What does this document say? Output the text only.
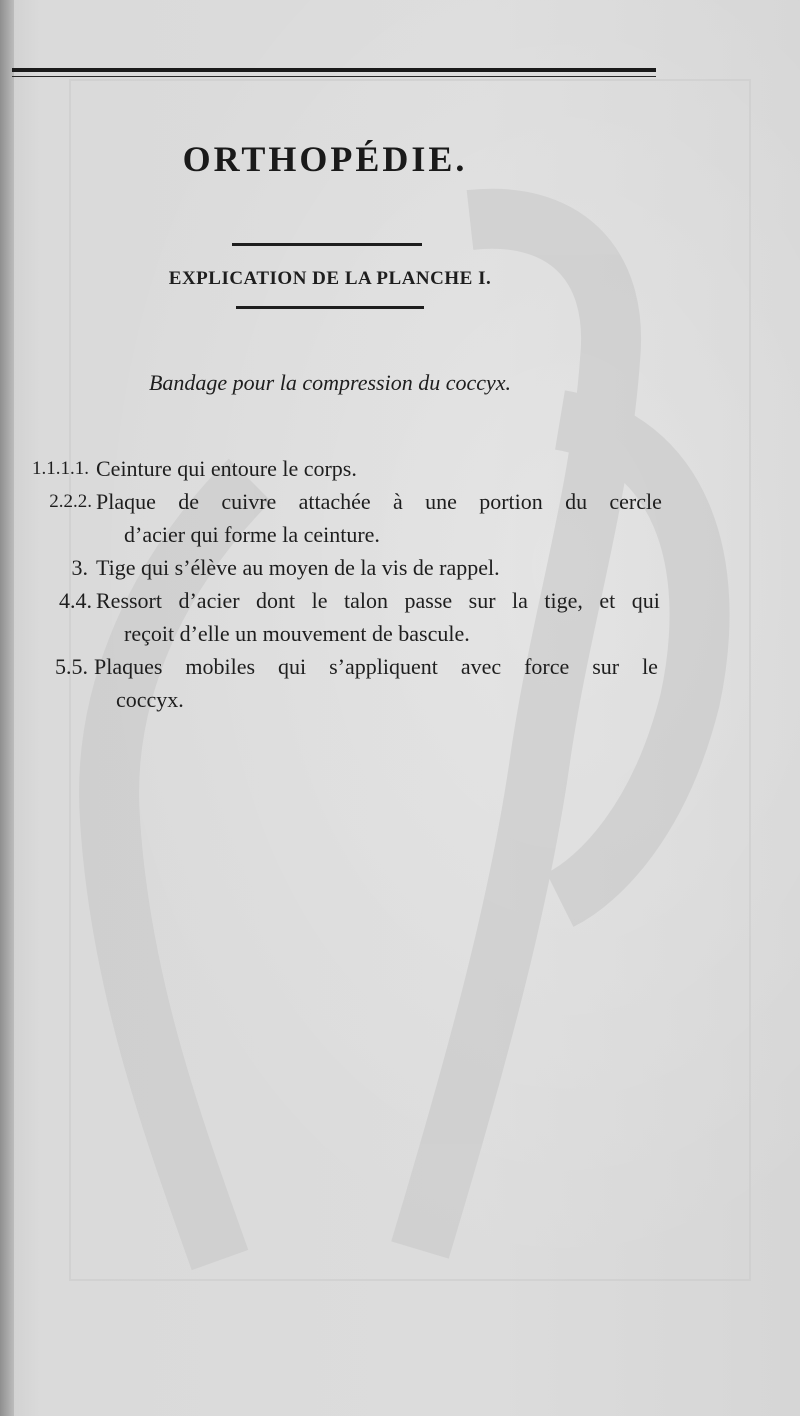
ORTHOPÉDIE.
EXPLICATION DE LA PLANCHE I.
Bandage pour la compression du coccyx.
1.1.1.1. Ceinture qui entoure le corps.
2.2.2. Plaque de cuivre attachée à une portion du cercle
d’acier qui forme la ceinture.
3. Tige qui s’élève au moyen de la vis de rappel.
4.4. Ressort d’acier dont le talon passe sur la tige, et qui
reçoit d’elle un mouvement de bascule.
5.5. Plaques mobiles qui s’appliquent avec force sur le
coccyx.
